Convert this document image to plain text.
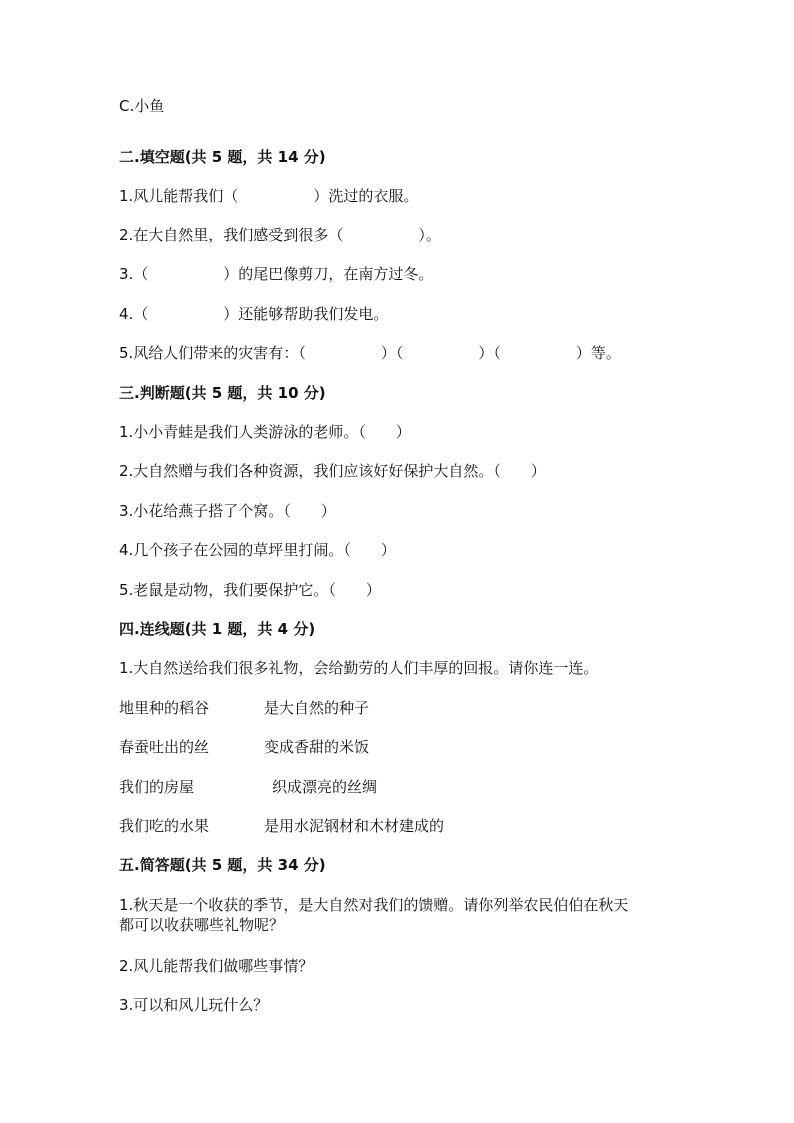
C.小鱼
二.填空题(共 5 题，共 14 分)
1.风儿能帮我们（　　　　　）洗过的衣服。
2.在大自然里，我们感受到很多（　　　　　）。
3.（　　　　　）的尾巴像剪刀，在南方过冬。
4.（　　　　　）还能够帮助我们发电。
5.风给人们带来的灾害有：（　　　　　）（　　　　　）（　　　　　）等。
三.判断题(共 5 题，共 10 分)
1.小小青蛙是我们人类游泳的老师。（　　）
2.大自然赠与我们各种资源，我们应该好好保护大自然。（　　）
3.小花给燕子搭了个窝。（　　）
4.几个孩子在公园的草坪里打闹。（　　）
5.老鼠是动物，我们要保护它。（　　）
四.连线题(共 1 题，共 4 分)
1.大自然送给我们很多礼物，会给勤劳的人们丰厚的回报。请你连一连。
地里种的稻谷	是大自然的种子
春蚕吐出的丝	变成香甜的米饭
我们的房屋	织成漂亮的丝绸
我们吃的水果	是用水泥钢材和木材建成的
五.简答题(共 5 题，共 34 分)
1.秋天是一个收获的季节，是大自然对我们的馈赠。请你列举农民伯伯在秋天
都可以收获哪些礼物呢？
2.风儿能帮我们做哪些事情？
3.可以和风儿玩什么？
